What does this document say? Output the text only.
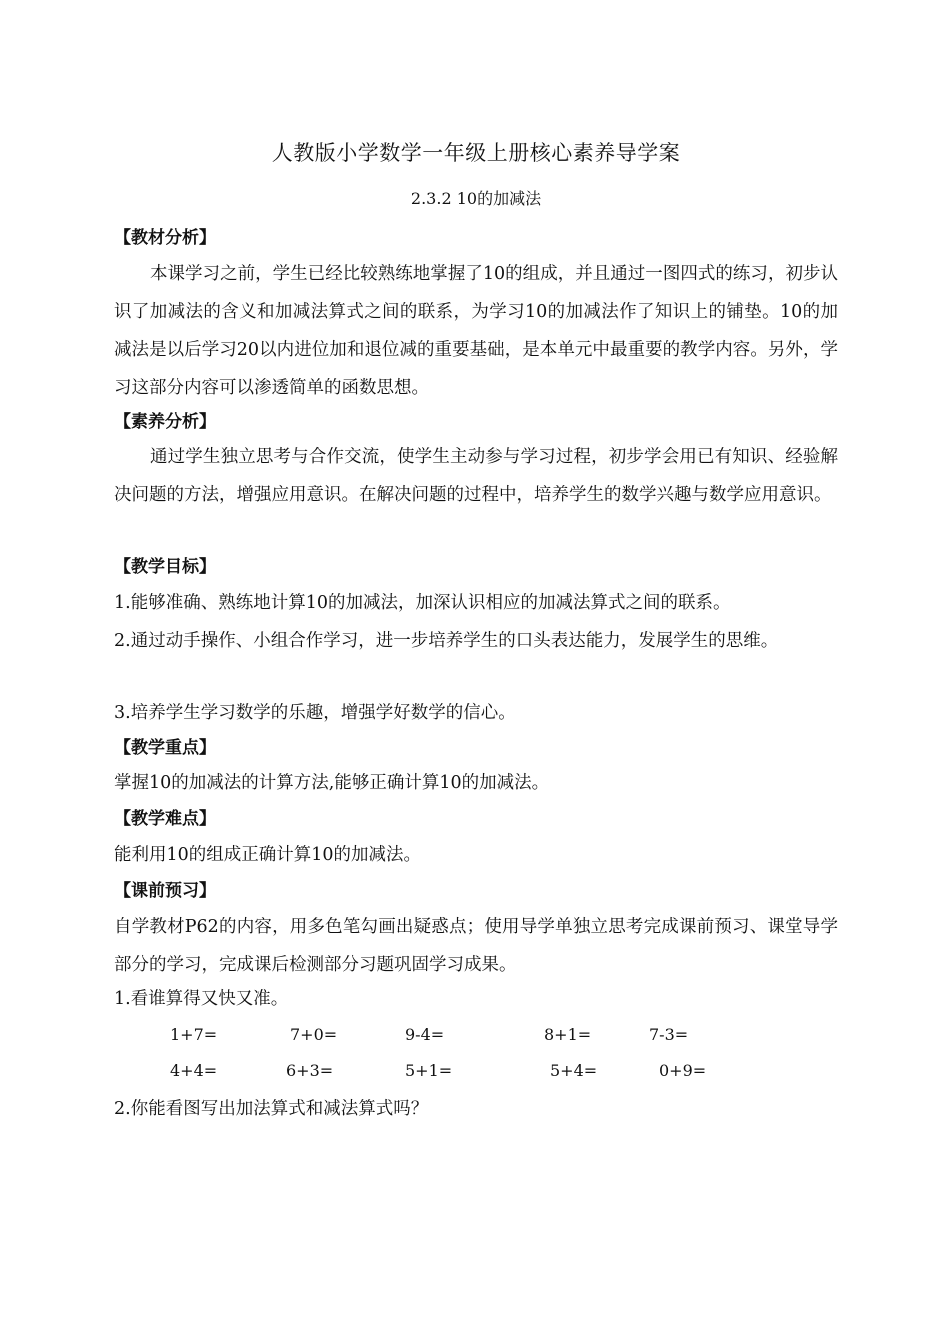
人教版小学数学一年级上册核心素养导学案
2.3.2 10的加减法
【教材分析】
本课学习之前，学生已经比较熟练地掌握了10的组成，并且通过一图四式的练习，初步认识了加减法的含义和加减法算式之间的联系，为学习10的加减法作了知识上的铺垫。10的加减法是以后学习20以内进位加和退位减的重要基础，是本单元中最重要的教学内容。另外，学习这部分内容可以渗透简单的函数思想。
【素养分析】
通过学生独立思考与合作交流，使学生主动参与学习过程，初步学会用已有知识、经验解决问题的方法，增强应用意识。在解决问题的过程中，培养学生的数学兴趣与数学应用意识。
【教学目标】
1.能够准确、熟练地计算10的加减法，加深认识相应的加减法算式之间的联系。
2.通过动手操作、小组合作学习，进一步培养学生的口头表达能力，发展学生的思维。
3.培养学生学习数学的乐趣，增强学好数学的信心。
【教学重点】
掌握10的加减法的计算方法,能够正确计算10的加减法。
【教学难点】
能利用10的组成正确计算10的加减法。
【课前预习】
自学教材P62的内容，用多色笔勾画出疑惑点；使用导学单独立思考完成课前预习、课堂导学部分的学习，完成课后检测部分习题巩固学习成果。
1.看谁算得又快又准。
1+7=	7+0=	9-4=	8+1=	7-3=
4+4=	6+3=	5+1=	5+4=	0+9=
2.你能看图写出加法算式和减法算式吗？
